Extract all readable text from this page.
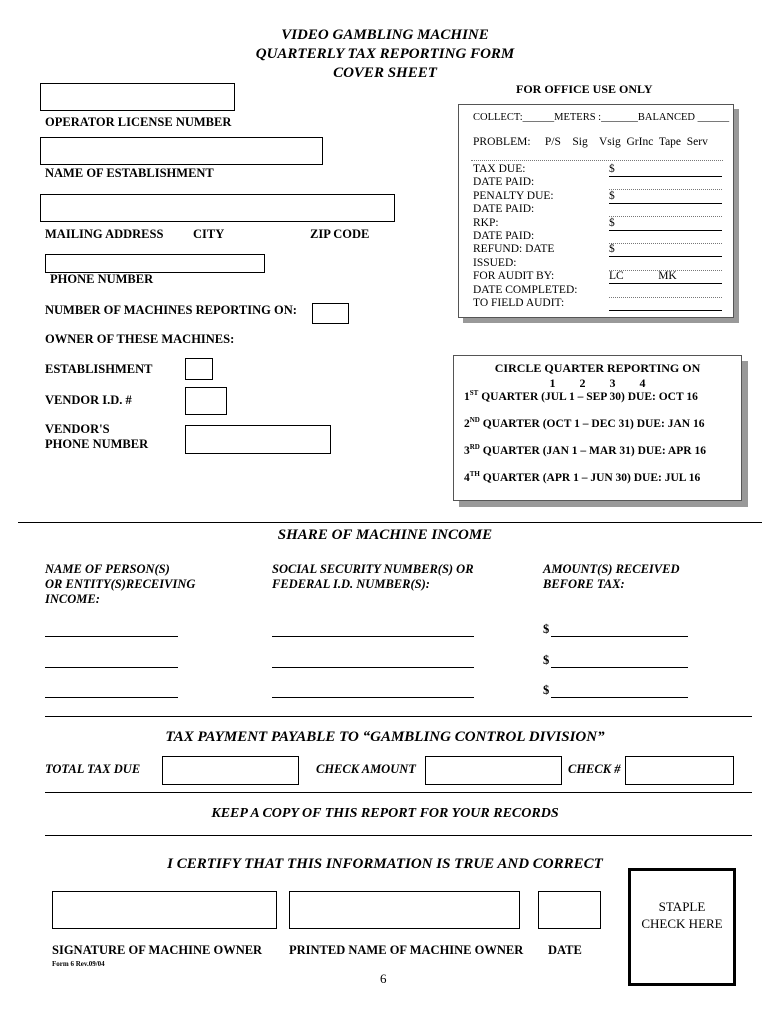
VIDEO GAMBLING MACHINE
QUARTERLY TAX REPORTING FORM
COVER SHEET
OPERATOR LICENSE NUMBER
NAME OF ESTABLISHMENT
MAILING ADDRESS CITY	ZIP CODE
PHONE NUMBER
NUMBER OF MACHINES REPORTING ON:
OWNER OF THESE MACHINES:
ESTABLISHMENT
VENDOR I.D. #
VENDOR'S
PHONE NUMBER
FOR OFFICE USE ONLY
COLLECT:______METERS :_______BALANCED ______
PROBLEM:     P/S    Sig    Vsig  GrInc  Tape  Serv
TAX DUE:	$
DATE PAID:
PENALTY DUE:	$
DATE PAID:
RKP:	$
DATE PAID:
REFUND: DATE	$
ISSUED:
FOR AUDIT BY:	LC            MK
DATE COMPLETED:
TO FIELD AUDIT:
CIRCLE QUARTER REPORTING ON
1        2        3        4
1ST QUARTER (JUL 1 – SEP 30) DUE: OCT 16
2ND QUARTER (OCT 1 – DEC 31) DUE: JAN 16
3RD QUARTER (JAN 1 – MAR 31) DUE: APR 16
4TH QUARTER (APR 1 – JUN 30) DUE: JUL 16
SHARE OF MACHINE INCOME
NAME OF PERSON(S)
OR ENTITY(S)RECEIVING
INCOME:
SOCIAL SECURITY NUMBER(S) OR
FEDERAL I.D. NUMBER(S):
AMOUNT(S) RECEIVED
BEFORE TAX:
$
$
$
TAX PAYMENT PAYABLE TO “GAMBLING CONTROL DIVISION”
TOTAL TAX DUE	CHECK AMOUNT	CHECK #
KEEP A COPY OF THIS REPORT FOR YOUR RECORDS
I CERTIFY THAT THIS INFORMATION IS TRUE AND CORRECT
SIGNATURE OF MACHINE OWNER PRINTED NAME OF MACHINE OWNER DATE
STAPLE
CHECK HERE
Form 6 Rev.09/04
6
